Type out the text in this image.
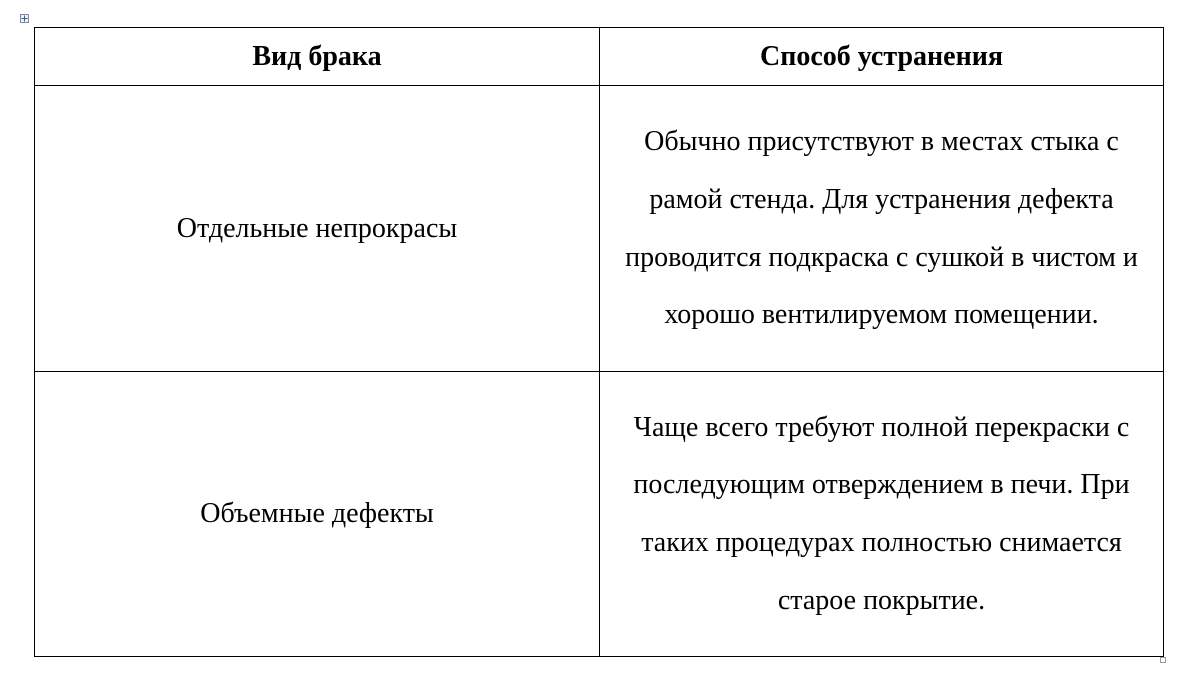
Вид брака	Способ устранения
Отдельные непрокрасы	Обычно присутствуют в местах стыка с рамой стенда. Для устранения дефекта проводится подкраска с сушкой в чистом и хорошо вентилируемом помещении.
Объемные дефекты	Чаще всего требуют полной перекраски с последующим отверждением в печи. При таких процедурах полностью снимается старое покрытие.
